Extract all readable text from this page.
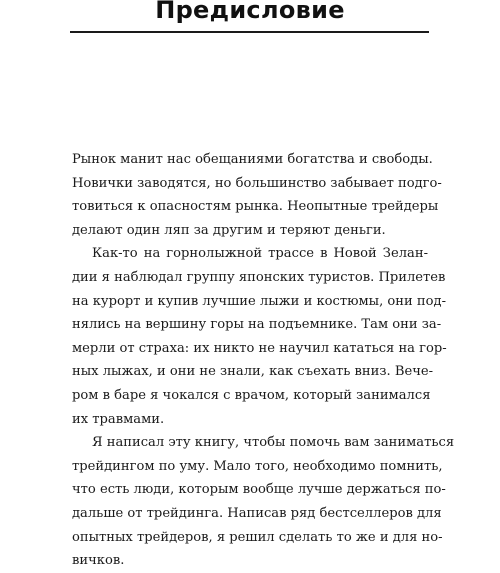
Предисловие
Рынок манит нас обещаниями богатства и свободы.
Новички заводятся, но большинство забывает подго-
товиться к опасностям рынка. Неопытные трейдеры
делают один ляп за другим и теряют деньги.
Как-то на горнолыжной трассе в Новой Зелан-
дии я наблюдал группу японских туристов. Прилетев
на курорт и купив лучшие лыжи и костюмы, они под-
нялись на вершину горы на подъемнике. Там они за-
мерли от страха: их никто не научил кататься на гор-
ных лыжах, и они не знали, как съехать вниз. Вече-
ром в баре я чокался с врачом, который занимался
их травмами.
Я написал эту книгу, чтобы помочь вам заниматься
трейдингом по уму. Мало того, необходимо помнить,
что есть люди, которым вообще лучше держаться по-
дальше от трейдинга. Написав ряд бестселлеров для
опытных трейдеров, я решил сделать то же и для но-
вичков.
